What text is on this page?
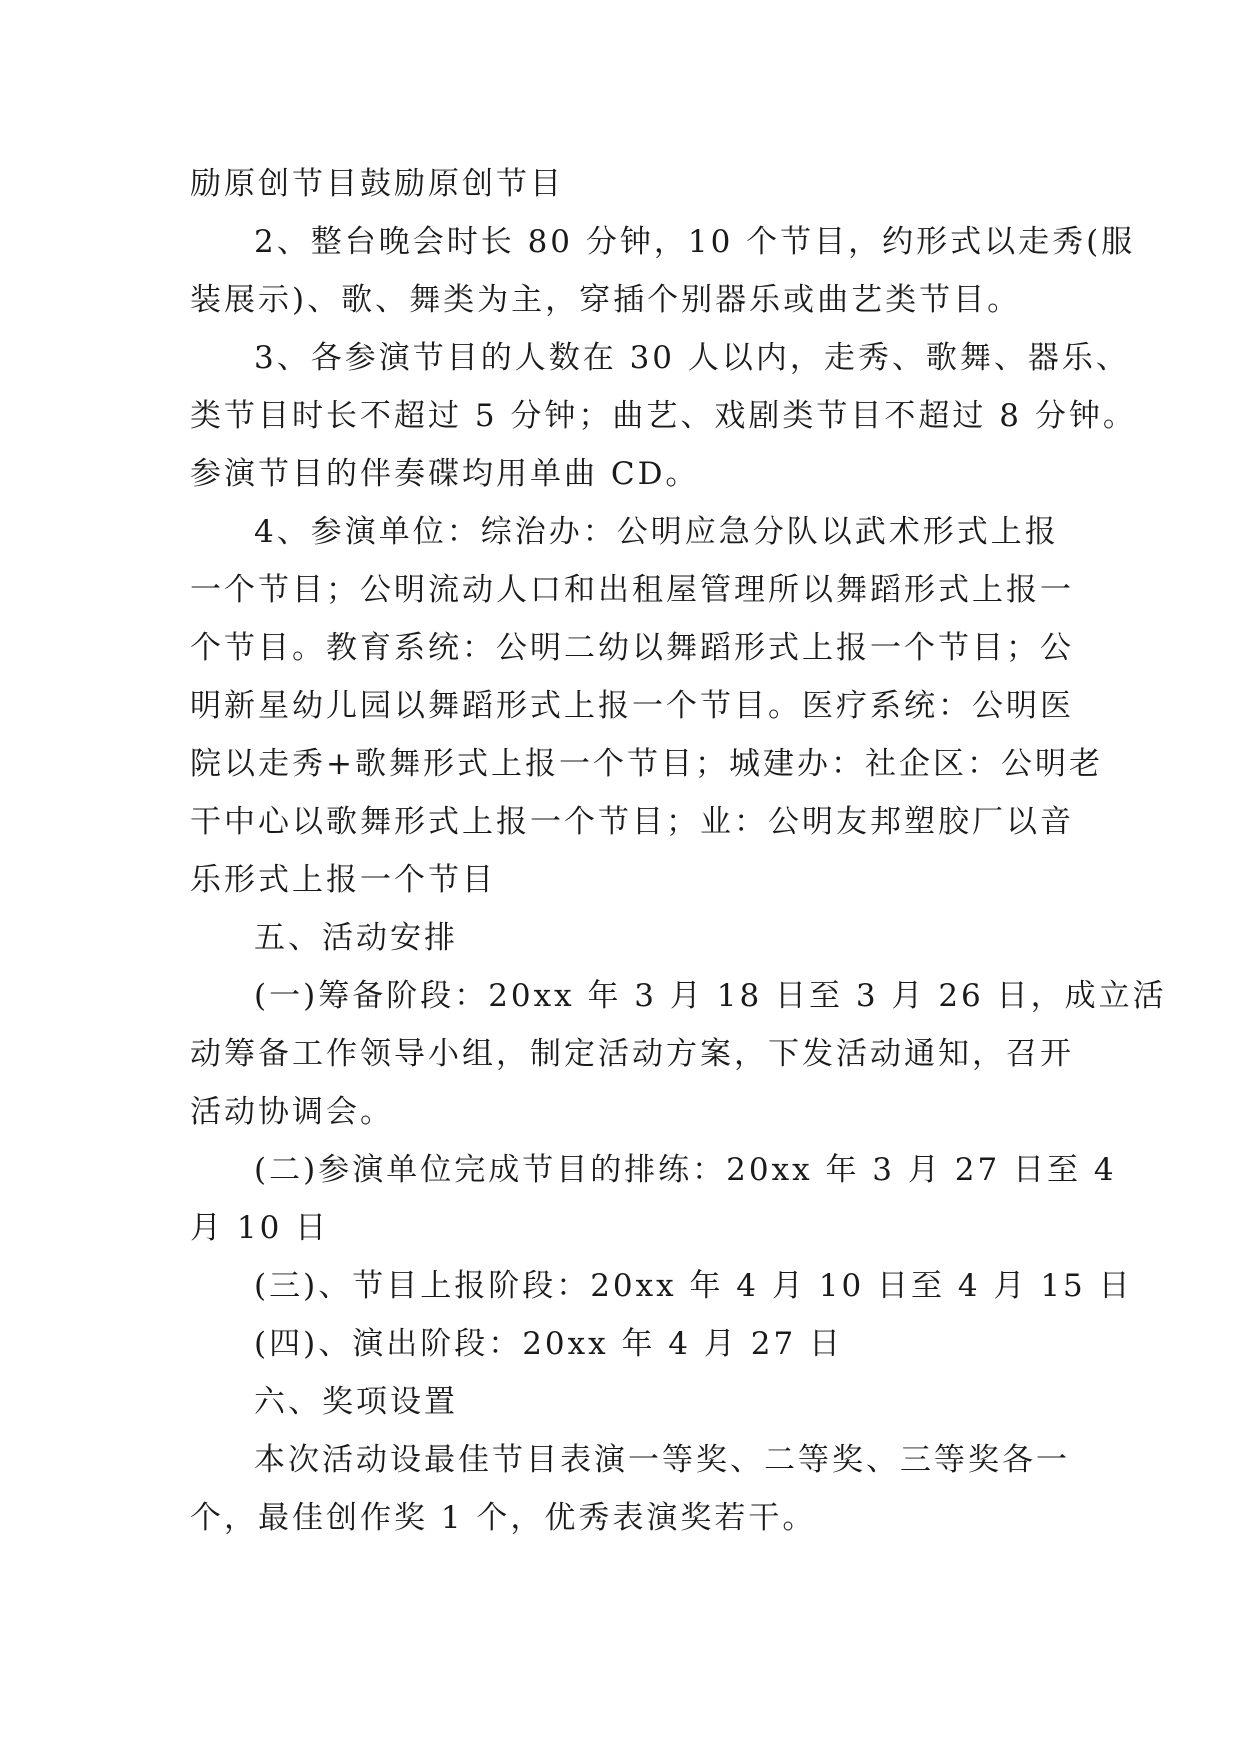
励原创节目鼓励原创节目

2、整台晚会时长 80 分钟，10 个节目，约形式以走秀(服

装展示)、歌、舞类为主，穿插个别器乐或曲艺类节目。

3、各参演节目的人数在 30 人以内，走秀、歌舞、器乐、

类节目时长不超过 5 分钟；曲艺、戏剧类节目不超过 8 分钟。

参演节目的伴奏碟均用单曲 CD。

4、参演单位：综治办：公明应急分队以武术形式上报

一个节目；公明流动人口和出租屋管理所以舞蹈形式上报一

个节目。教育系统：公明二幼以舞蹈形式上报一个节目；公

明新星幼儿园以舞蹈形式上报一个节目。医疗系统：公明医

院以走秀+歌舞形式上报一个节目；城建办：社企区：公明老

干中心以歌舞形式上报一个节目；业：公明友邦塑胶厂以音

乐形式上报一个节目

五、活动安排

(一)筹备阶段：20xx 年 3 月 18 日至 3 月 26 日，成立活

动筹备工作领导小组，制定活动方案，下发活动通知，召开

活动协调会。

(二)参演单位完成节目的排练：20xx 年 3 月 27 日至 4

月 10 日

(三)、节目上报阶段：20xx 年 4 月 10 日至 4 月 15 日

(四)、演出阶段：20xx 年 4 月 27 日

六、奖项设置

本次活动设最佳节目表演一等奖、二等奖、三等奖各一

个，最佳创作奖 1 个，优秀表演奖若干。
